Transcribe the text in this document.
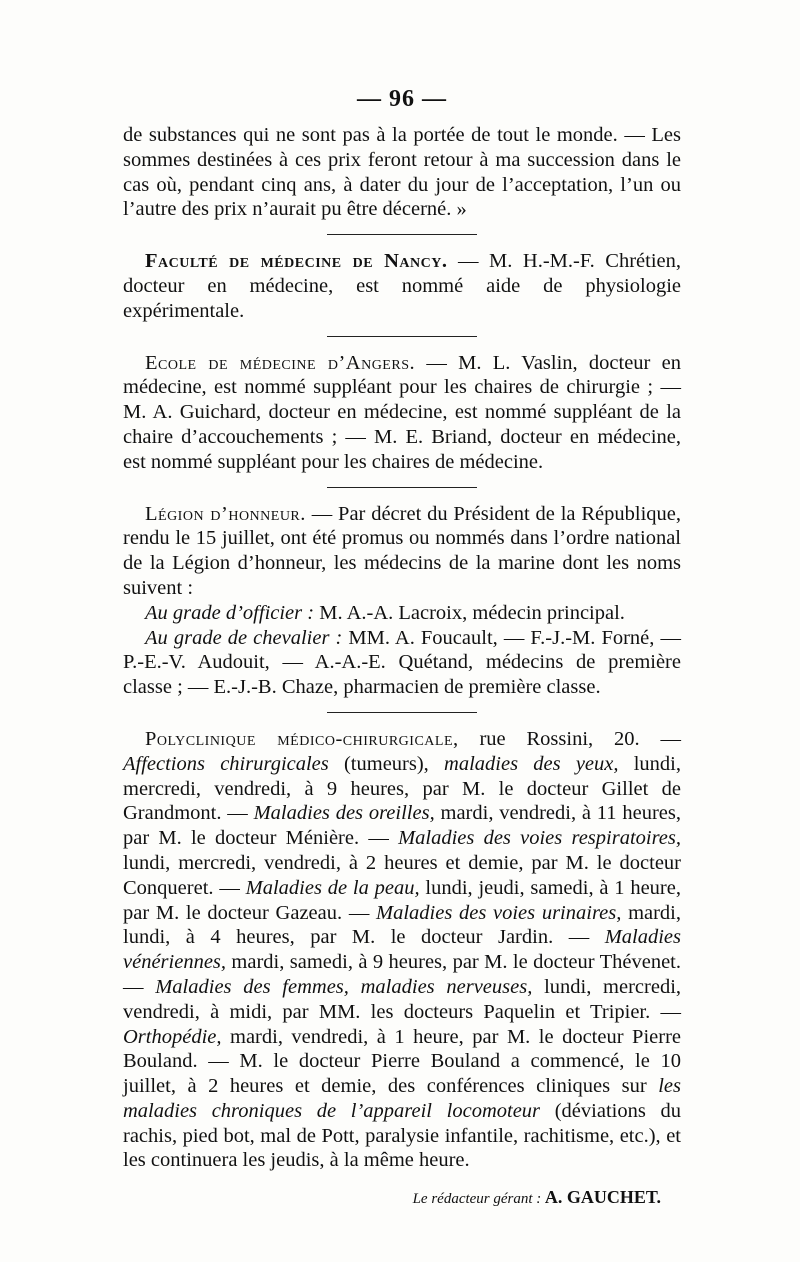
— 96 —

de substances qui ne sont pas à la portée de tout le monde. — Les sommes destinées à ces prix feront retour à ma succession dans le cas où, pendant cinq ans, à dater du jour de l’acceptation, l’un ou l’autre des prix n’aurait pu être décerné. »

Faculté de médecine de Nancy. — M. H.-M.-F. Chrétien, docteur en médecine, est nommé aide de physiologie expérimentale.

Ecole de médecine d’Angers. — M. L. Vaslin, docteur en médecine, est nommé suppléant pour les chaires de chirurgie ; — M. A. Guichard, docteur en médecine, est nommé suppléant de la chaire d’accouchements ; — M. E. Briand, docteur en médecine, est nommé suppléant pour les chaires de médecine.

Légion d’honneur. — Par décret du Président de la République, rendu le 15 juillet, ont été promus ou nommés dans l’ordre national de la Légion d’honneur, les médecins de la marine dont les noms suivent :

Au grade d’officier : M. A.-A. Lacroix, médecin principal.

Au grade de chevalier : MM. A. Foucault, — F.-J.-M. Forné, — P.-E.-V. Audouit, — A.-A.-E. Quétand, médecins de première classe ; — E.-J.-B. Chaze, pharmacien de première classe.

Polyclinique médico-chirurgicale, rue Rossini, 20. — Affections chirurgicales (tumeurs), maladies des yeux, lundi, mercredi, vendredi, à 9 heures, par M. le docteur Gillet de Grandmont. — Maladies des oreilles, mardi, vendredi, à 11 heures, par M. le docteur Ménière. — Maladies des voies respiratoires, lundi, mercredi, vendredi, à 2 heures et demie, par M. le docteur Conqueret. — Maladies de la peau, lundi, jeudi, samedi, à 1 heure, par M. le docteur Gazeau. — Maladies des voies urinaires, mardi, lundi, à 4 heures, par M. le docteur Jardin. — Maladies vénériennes, mardi, samedi, à 9 heures, par M. le docteur Thévenet. — Maladies des femmes, maladies nerveuses, lundi, mercredi, vendredi, à midi, par MM. les docteurs Paquelin et Tripier. — Orthopédie, mardi, vendredi, à 1 heure, par M. le docteur Pierre Bouland. — M. le docteur Pierre Bouland a commencé, le 10 juillet, à 2 heures et demie, des conférences cliniques sur les maladies chroniques de l’appareil locomoteur (déviations du rachis, pied bot, mal de Pott, paralysie infantile, rachitisme, etc.), et les continuera les jeudis, à la même heure.

Le rédacteur gérant : A. GAUCHET.
